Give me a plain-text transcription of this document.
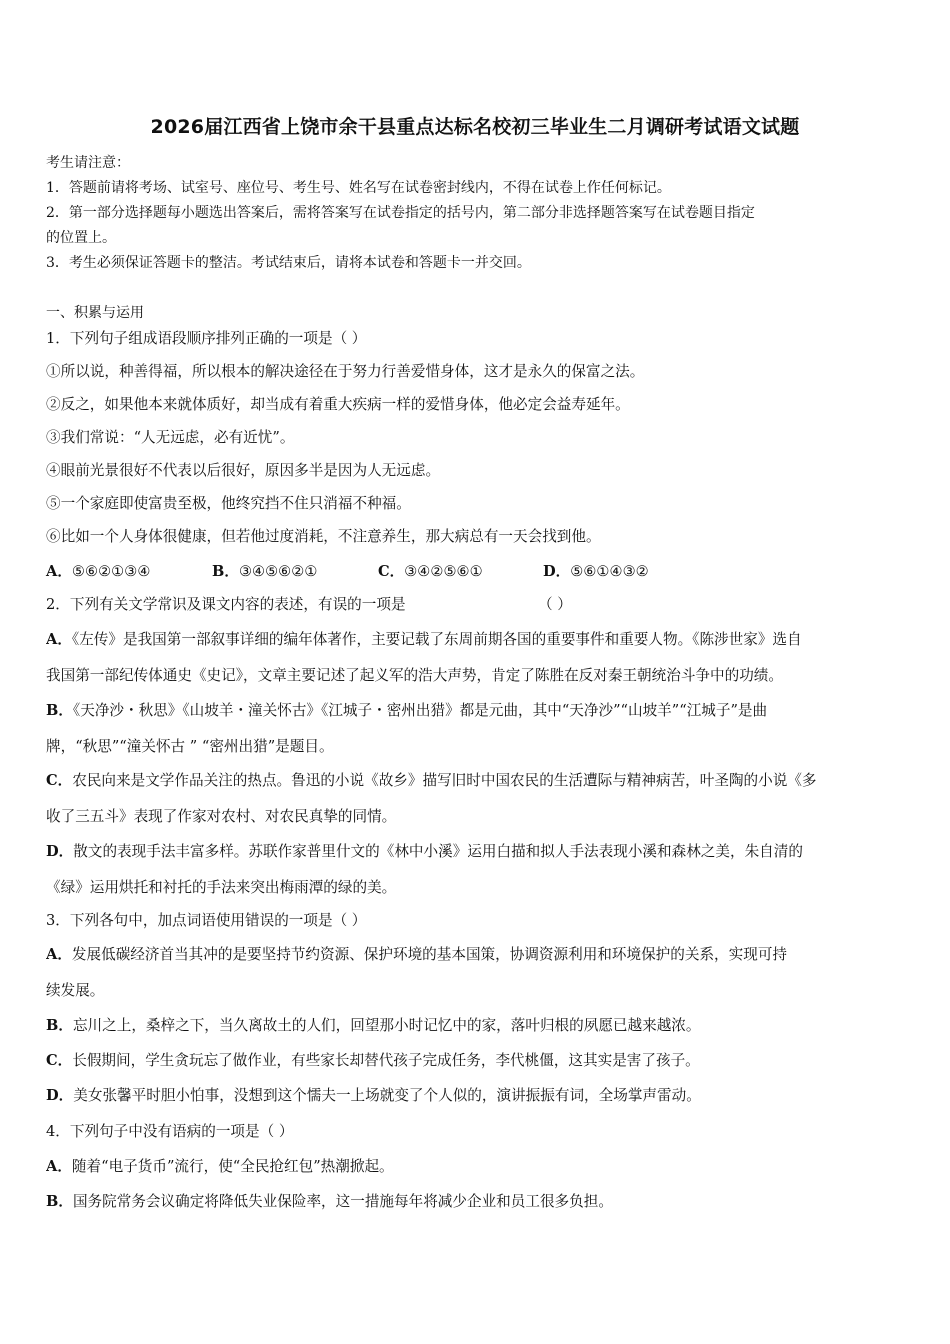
2026届江西省上饶市余干县重点达标名校初三毕业生二月调研考试语文试题
考生请注意：
1．答题前请将考场、试室号、座位号、考生号、姓名写在试卷密封线内，不得在试卷上作任何标记。
2．第一部分选择题每小题选出答案后，需将答案写在试卷指定的括号内，第二部分非选择题答案写在试卷题目指定
的位置上。
3．考生必须保证答题卡的整洁。考试结束后，请将本试卷和答题卡一并交回。
一、积累与运用
1．下列句子组成语段顺序排列正确的一项是（ ）
①所以说，种善得福，所以根本的解决途径在于努力行善爱惜身体，这才是永久的保富之法。
②反之，如果他本来就体质好，却当成有着重大疾病一样的爱惜身体，他必定会益寿延年。
③我们常说：“人无远虑，必有近忧”。
④眼前光景很好不代表以后很好，原因多半是因为人无远虑。
⑤一个家庭即使富贵至极，他终究挡不住只消福不种福。
⑥比如一个人身体很健康，但若他过度消耗，不注意养生，那大病总有一天会找到他。
A．⑤⑥②①③④	B．③④⑤⑥②①	C．③④②⑤⑥①	D．⑤⑥①④③②
2．下列有关文学常识及课文内容的表述，有误的一项是	（ ）
A．《左传》是我国第一部叙事详细的编年体著作，主要记载了东周前期各国的重要事件和重要人物。《陈涉世家》选自
我国第一部纪传体通史《史记》，文章主要记述了起义军的浩大声势，肯定了陈胜在反对秦王朝统治斗争中的功绩。
B．《天净沙・秋思》《山坡羊・潼关怀古》《江城子・密州出猎》都是元曲，其中“天净沙”“山坡羊”“江城子”是曲
牌，“秋思”“潼关怀古 ” “密州出猎”是题目。
C．农民向来是文学作品关注的热点。鲁迅的小说《故乡》描写旧时中国农民的生活遭际与精神病苦，叶圣陶的小说《多
收了三五斗》表现了作家对农村、对农民真挚的同情。
D．散文的表现手法丰富多样。苏联作家普里什文的《林中小溪》运用白描和拟人手法表现小溪和森林之美，朱自清的
《绿》运用烘托和衬托的手法来突出梅雨潭的绿的美。
3．下列各句中，加点词语使用错误的一项是（ ）
A．发展低碳经济首当其冲的是要坚持节约资源、保护环境的基本国策，协调资源利用和环境保护的关系，实现可持
续发展。
B．忘川之上，桑梓之下，当久离故土的人们，回望那小时记忆中的家，落叶归根的夙愿已越来越浓。
C．长假期间，学生贪玩忘了做作业，有些家长却替代孩子完成任务，李代桃僵，这其实是害了孩子。
D．美女张馨平时胆小怕事，没想到这个懦夫一上场就变了个人似的，演讲振振有词，全场掌声雷动。
4．下列句子中没有语病的一项是（ ）
A．随着“电子货币”流行，使“全民抢红包”热潮掀起。
B．国务院常务会议确定将降低失业保险率，这一措施每年将减少企业和员工很多负担。
